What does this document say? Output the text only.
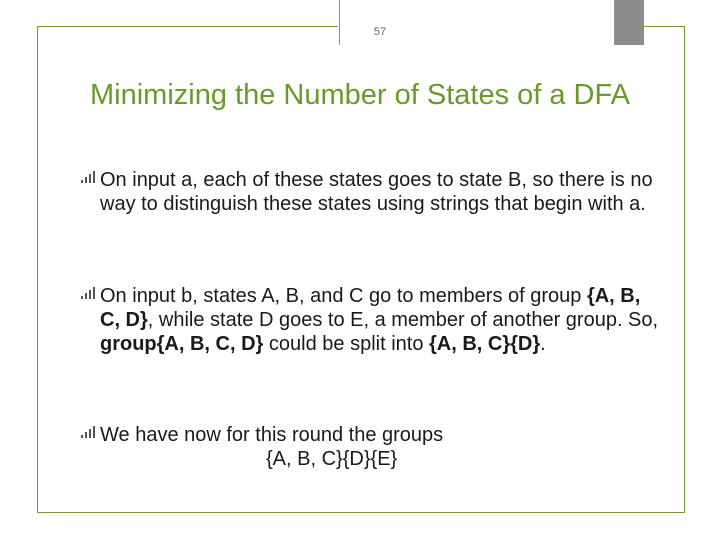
57
Minimizing the Number of States of a DFA
On input a, each of these states goes to state B, so there is no way to distinguish these states using strings that begin with a.
On input b, states A, B, and C go to members of group {A, B, C, D}, while state D goes to E, a member of another group. So, group{A, B, C, D} could be split into {A, B, C}{D}.
We have now for this round the groups
{A, B, C}{D}{E}
